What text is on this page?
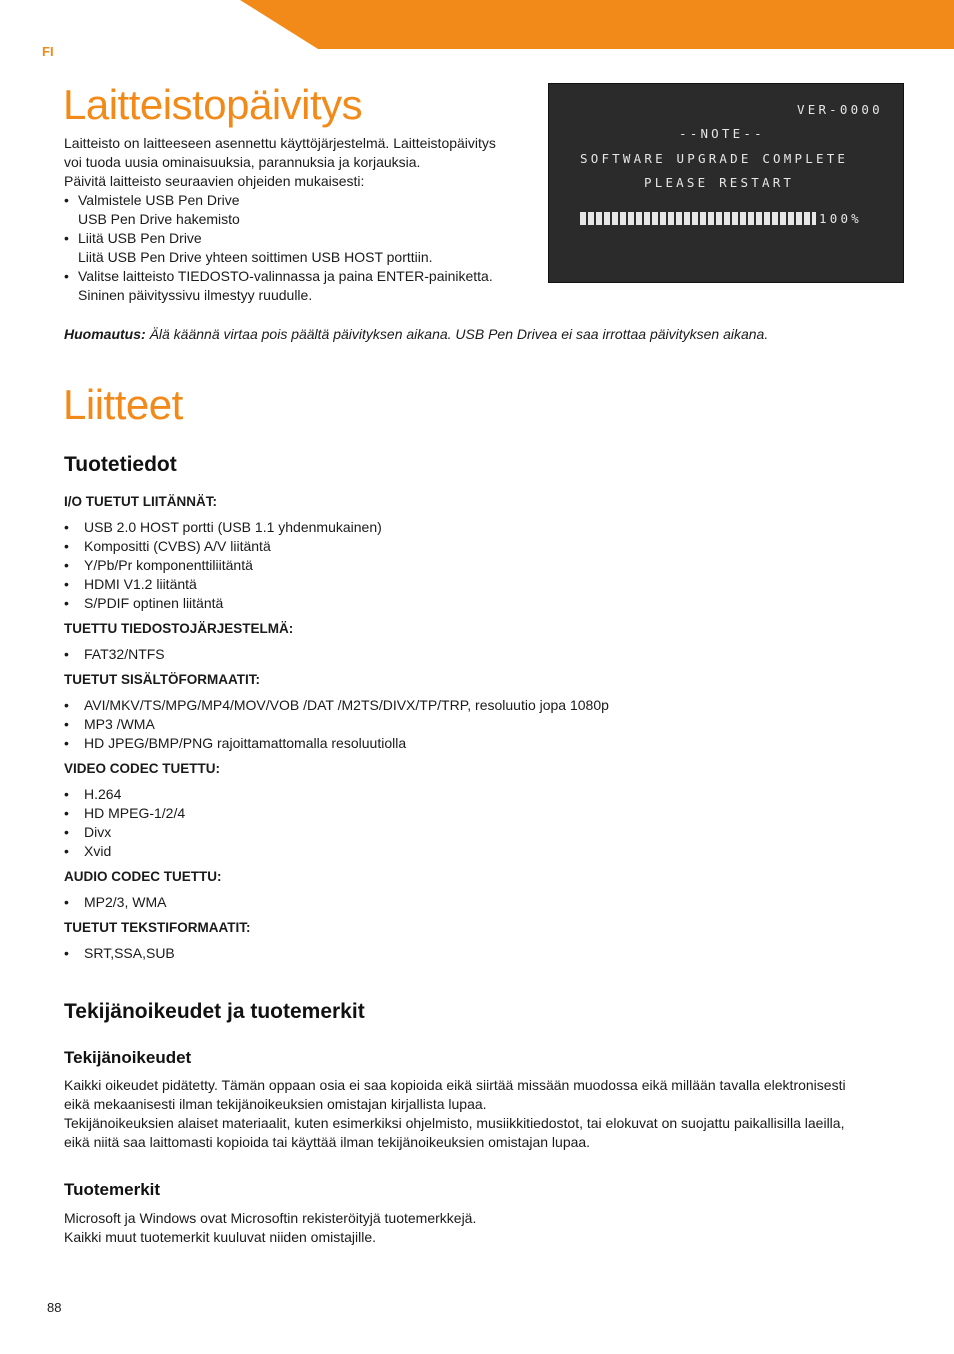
FI
Laitteistopäivitys

Laitteisto on laitteeseen asennettu käyttöjärjestelmä. Laitteistopäivitys

voi tuoda uusia ominaisuuksia, parannuksia ja korjauksia.

Päivitä laitteisto seuraavien ohjeiden mukaisesti:

• Valmistele USB Pen Drive
USB Pen Drive hakemisto
• Liitä USB Pen Drive
Liitä USB Pen Drive yhteen soittimen USB HOST porttiin.
• Valitse laitteisto TIEDOSTO-valinnassa ja paina ENTER-painiketta.
Sininen päivityssivu ilmestyy ruudulle.
VER-0000
--NOTE--
SOFTWARE UPGRADE COMPLETE
PLEASE RESTART
100%
Huomautus: Älä käännä virtaa pois päältä päivityksen aikana. USB Pen Drivea ei saa irrottaa päivityksen aikana.
Liitteet
Tuotetiedot

I/O TUETUT LIITÄNNÄT:

• USB 2.0 HOST portti (USB 1.1 yhdenmukainen)
• Kompositti (CVBS) A/V liitäntä
• Y/Pb/Pr komponenttiliitäntä
• HDMI V1.2 liitäntä
• S/PDIF optinen liitäntä

TUETTU TIEDOSTOJÄRJESTELMÄ:

• FAT32/NTFS

TUETUT SISÄLTÖFORMAATIT:

• AVI/MKV/TS/MPG/MP4/MOV/VOB /DAT /M2TS/DIVX/TP/TRP, resoluutio jopa 1080p
• MP3 /WMA
• HD JPEG/BMP/PNG rajoittamattomalla resoluutiolla

VIDEO CODEC TUETTU:

• H.264
• HD MPEG-1/2/4
• Divx
• Xvid

AUDIO CODEC TUETTU:

• MP2/3, WMA

TUETUT TEKSTIFORMAATIT:

• SRT,SSA,SUB
Tekijänoikeudet ja tuotemerkit
Tekijänoikeudet

Kaikki oikeudet pidätetty. Tämän oppaan osia ei saa kopioida eikä siirtää missään muodossa eikä millään tavalla elektronisesti

eikä mekaanisesti ilman tekijänoikeuksien omistajan kirjallista lupaa.

Tekijänoikeuksien alaiset materiaalit, kuten esimerkiksi ohjelmisto, musiikkitiedostot, tai elokuvat on suojattu paikallisilla laeilla,

eikä niitä saa laittomasti kopioida tai käyttää ilman tekijänoikeuksien omistajan lupaa.

Tuotemerkit

Microsoft ja Windows ovat Microsoftin rekisteröityjä tuotemerkkejä.

Kaikki muut tuotemerkit kuuluvat niiden omistajille.

88
